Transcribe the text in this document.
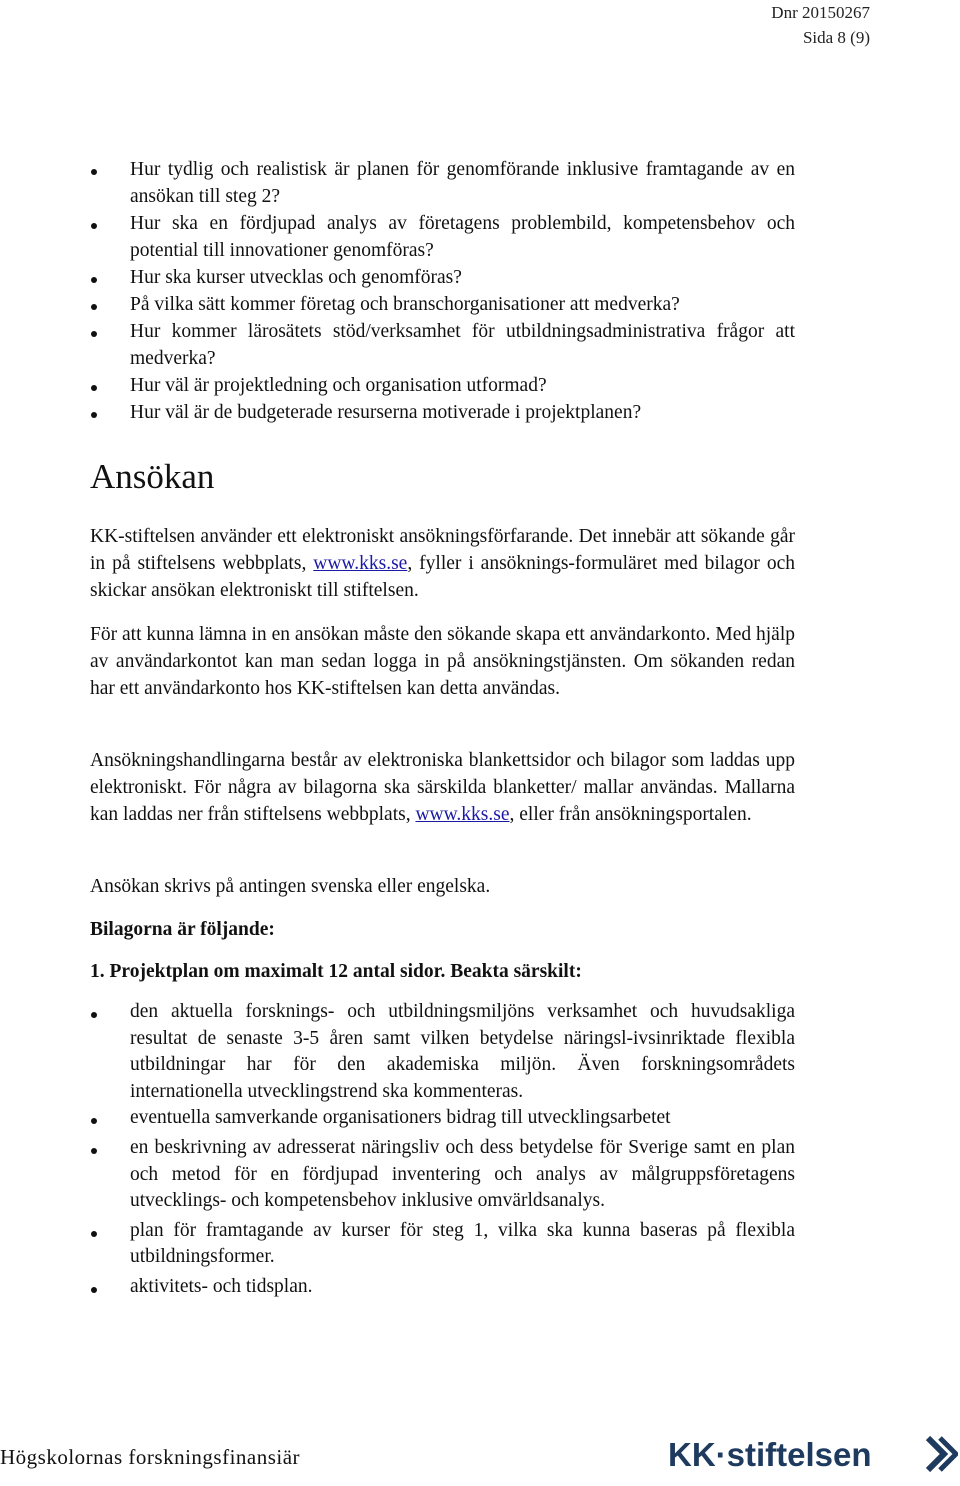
Dnr 20150267
Sida 8 (9)
Hur tydlig och realistisk är planen för genomförande inklusive framtagande av en ansökan till steg 2?
Hur ska en fördjupad analys av företagens problembild, kompetensbehov och potential till innovationer genomföras?
Hur ska kurser utvecklas och genomföras?
På vilka sätt kommer företag och branschorganisationer att medverka?
Hur kommer lärosätets stöd/verksamhet för utbildningsadministrativa frågor att medverka?
Hur väl är projektledning och organisation utformad?
Hur väl är de budgeterade resurserna motiverade i projektplanen?
Ansökan

KK-stiftelsen använder ett elektroniskt ansökningsförfarande. Det innebär att sökande går in på stiftelsens webbplats, www.kks.se, fyller i ansöknings-formuläret med bilagor och skickar ansökan elektroniskt till stiftelsen.

För att kunna lämna in en ansökan måste den sökande skapa ett användarkonto. Med hjälp av användarkontot kan man sedan logga in på ansökningstjänsten. Om sökanden redan har ett användarkonto hos KK-stiftelsen kan detta användas.

Ansökningshandlingarna består av elektroniska blankettsidor och bilagor som laddas upp elektroniskt. För några av bilagorna ska särskilda blanketter/ mallar användas. Mallarna kan laddas ner från stiftelsens webbplats, www.kks.se, eller från ansökningsportalen.

Ansökan skrivs på antingen svenska eller engelska.

Bilagorna är följande:

1. Projektplan om maximalt 12 antal sidor. Beakta särskilt:

den aktuella forsknings- och utbildningsmiljöns verksamhet och huvudsakliga resultat de senaste 3-5 åren samt vilken betydelse näringsl-ivsinriktade flexibla utbildningar har för den akademiska miljön. Även forskningsområdets internationella utvecklingstrend ska kommenteras.
eventuella samverkande organisationers bidrag till utvecklingsarbetet
en beskrivning av adresserat näringsliv och dess betydelse för Sverige samt en plan och metod för en fördjupad inventering och analys av målgruppsföretagens utvecklings- och kompetensbehov inklusive omvärldsanalys.
plan för framtagande av kurser för steg 1, vilka ska kunna baseras på flexibla utbildningsformer.
aktivitets- och tidsplan.
Högskolornas forskningsfinansiär	KK·stiftelsen
